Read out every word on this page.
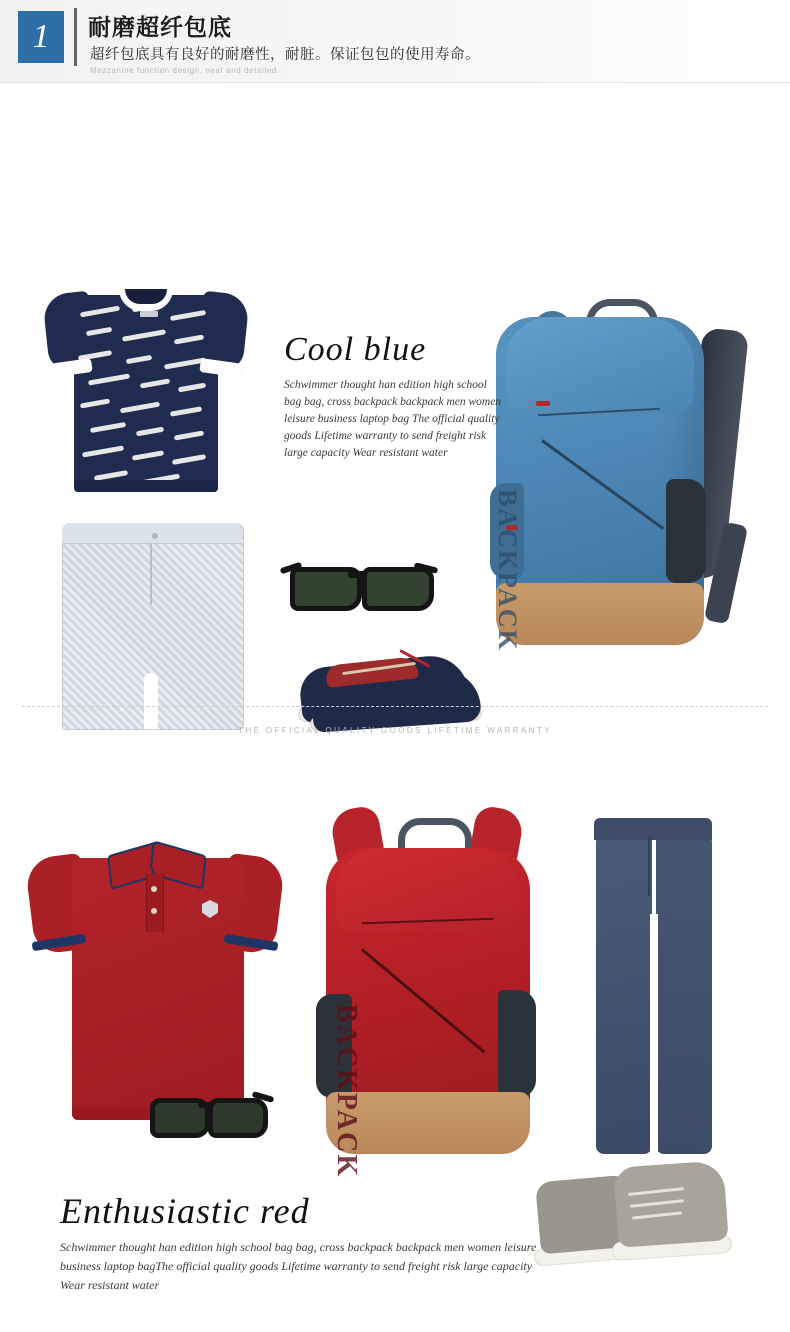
1	耐磨超纤包底
超纤包底具有良好的耐磨性，耐脏。保证包包的使用寿命。
Mezzanine function design, neat and detailed.
BACKPACK
Cool blue
Schwimmer thought han edition high school bag bag, cross backpack backpack men women leisure business laptop bag The official quality goods Lifetime warranty to send freight risk large capacity Wear resistant water
THE OFFICIAL QUALITY GOODS LIFETIME WARRANTY
BACKPACK
Enthusiastic red
Schwimmer thought han edition high school bag bag, cross backpack backpack men women leisure business laptop bagThe official quality goods Lifetime warranty to send freight risk large capacity Wear resistant water
